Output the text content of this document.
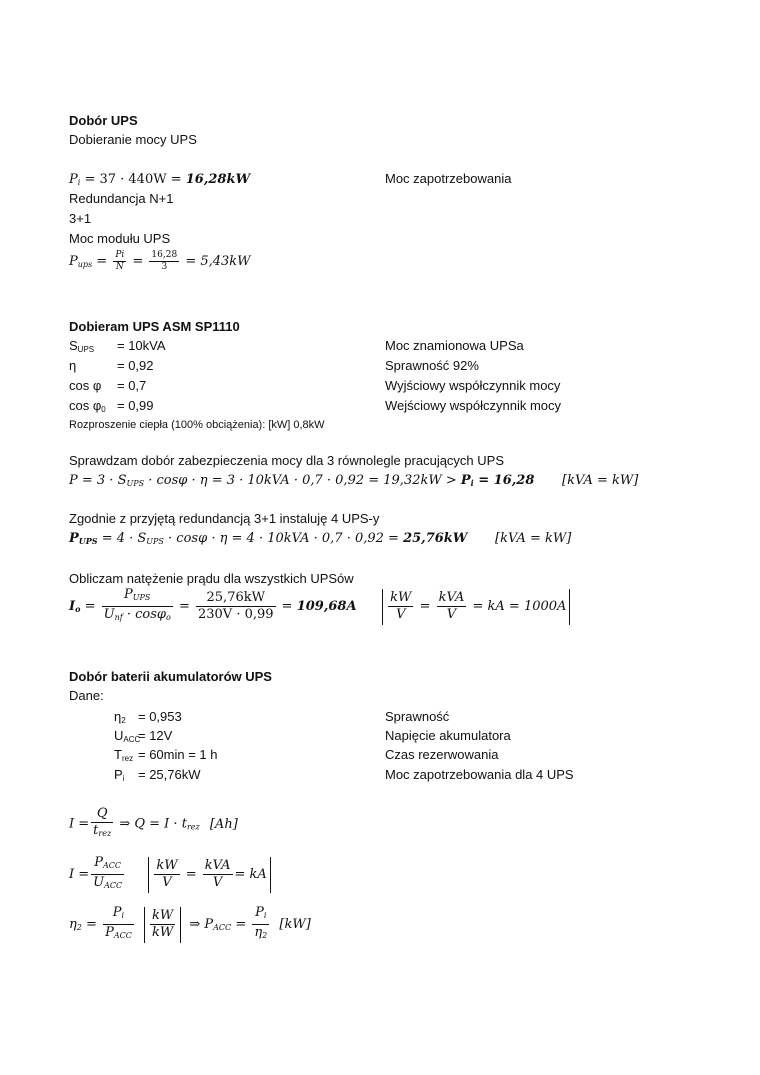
Dobór UPS
Dobieranie mocy UPS
$P_i = 37 \cdot 440W = 16,28kW$	Moc zapotrzebowania
Redundancja N+1
3+1
Moc modułu UPS
$P_{ups} = \frac{Pi}{N} = \frac{16,28}{3} = 5,43kW$
Dobieram UPS ASM SP1110
$S_{UPS} = 10kVA$	Moc znamionowa UPSa
η	= 0,92	Sprawność 92%
cos φ = 0,7	Wyjściowy współczynnik mocy
$\cos \varphi_0 = 0,99$	Wejściowy współczynnik mocy
Rozproszenie ciepła (100% obciążenia): [kW] 0,8kW
Sprawdzam dobór zabezpieczenia mocy dla 3 równolegle pracujących UPS
$P = 3 \cdot S_{UPS} \cdot \cos\varphi \cdot \eta = 3 \cdot 10kVA \cdot 0,7 \cdot 0,92 = 19,32kW > P_i = 16,28$ [kVA = kW]
Zgodnie z przyjętą redundancją 3+1 instaluję 4 UPS-y
$P_{UPS} = 4 \cdot S_{UPS} \cdot \cos\varphi \cdot \eta = 4 \cdot 10kVA \cdot 0,7 \cdot 0,92 = 25,76kW$ [kVA = kW]
Obliczam natężenie prądu dla wszystkich UPSów
$I_o = \frac{P_{UPS}}{U_{nf} \cdot \cos\varphi_o} = \frac{25,76kW}{230V \cdot 0,99} = 109,68A \frac{kW}{V} = \frac{\text{kVA}}{V}$ = kA = 1000A
Dobór baterii akumulatorów UPS
Dane:
$\eta_2 = 0,953$	Sprawność
$U_{ACC}= 12V$	Napięcie akumulatora
$T_{rez} = 60\min = 1$ h	Czas rezerwowania
$P_i = 25,76kW$	Moc zapotrzebowania dla 4 UPS
$I = \frac{Q}{t_{rez}}$ ⇒ $Q = I \cdot t_{rez}$ [Ah]
$I = \frac{P_{ACC}}{U_{ACC}}$
$\frac{kW}{V} = \frac{\text{kVA}}{V}$ = kA
$\eta_2 = \frac{P_i}{P_{ACC}}$
$\frac{kW}{kW}$ ⇒ $P_{ACC} = \frac{P_i}{\eta_2} [kW]$
